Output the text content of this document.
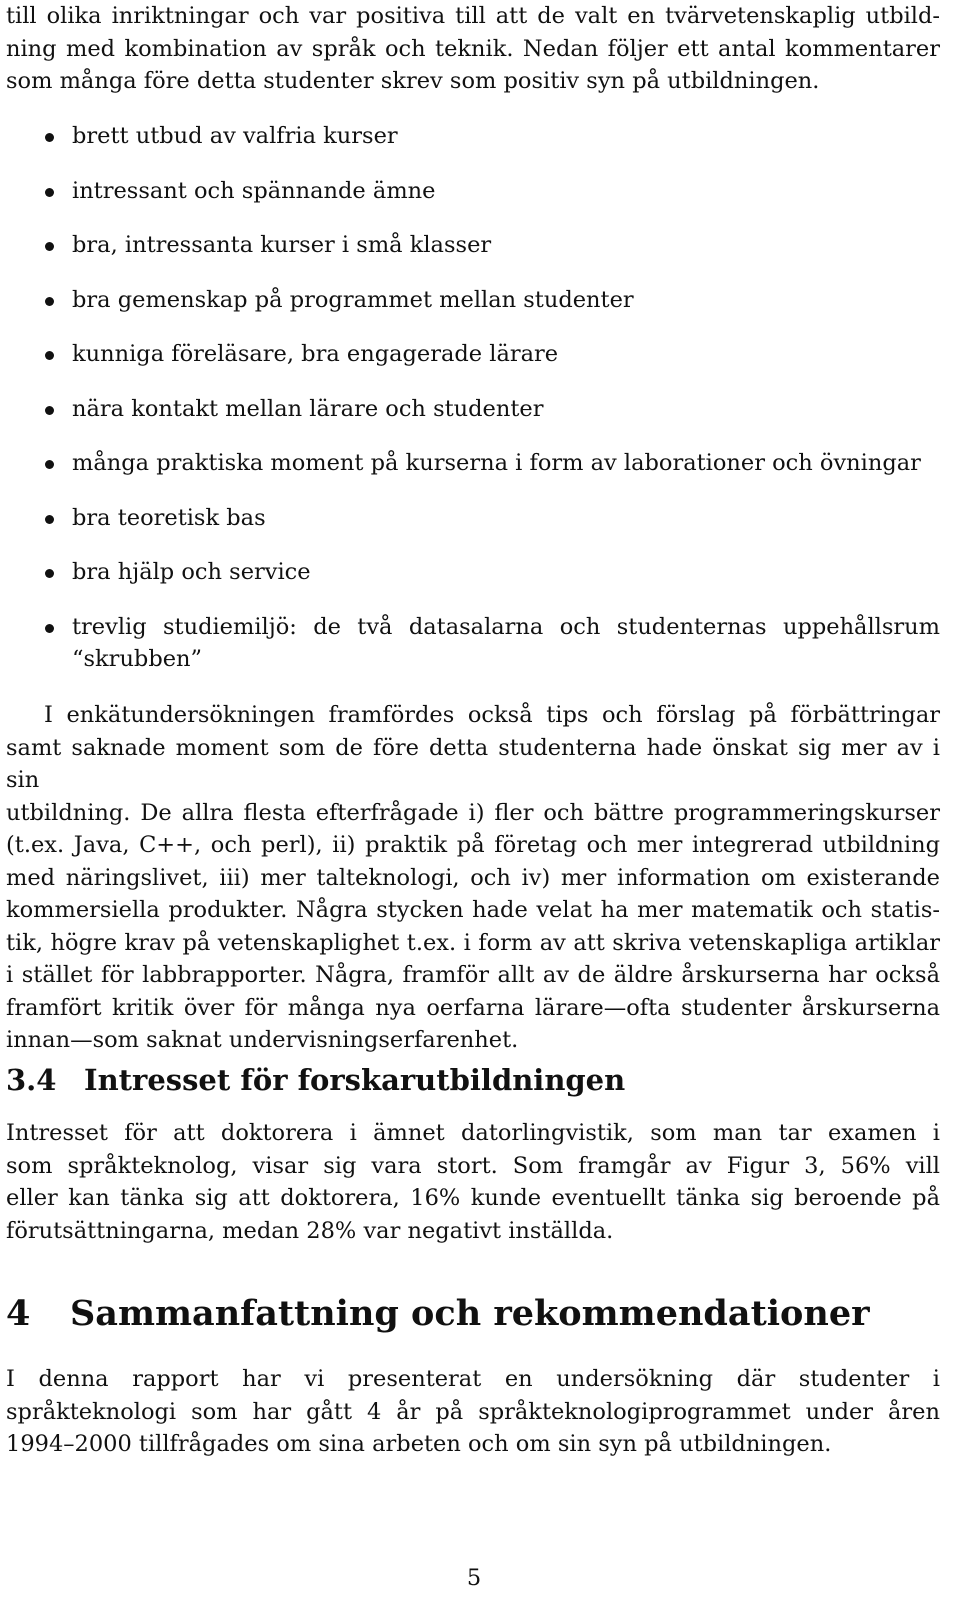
till olika inriktningar och var positiva till att de valt en tvärvetenskaplig utbild-
ning med kombination av språk och teknik. Nedan följer ett antal kommentarer
som många före detta studenter skrev som positiv syn på utbildningen.
brett utbud av valfria kurser
intressant och spännande ämne
bra, intressanta kurser i små klasser
bra gemenskap på programmet mellan studenter
kunniga föreläsare, bra engagerade lärare
nära kontakt mellan lärare och studenter
många praktiska moment på kurserna i form av laborationer och övningar
bra teoretisk bas
bra hjälp och service
trevlig studiemiljö: de två datasalarna och studenternas uppehållsrum
“skrubben”
I enkätundersökningen framfördes också tips och förslag på förbättringar
samt saknade moment som de före detta studenterna hade önskat sig mer av i sin
utbildning. De allra flesta efterfrågade i) fler och bättre programmeringskurser
(t.ex. Java, C++, och perl), ii) praktik på företag och mer integrerad utbildning
med näringslivet, iii) mer talteknologi, och iv) mer information om existerande
kommersiella produkter. Några stycken hade velat ha mer matematik och statis-
tik, högre krav på vetenskaplighet t.ex. i form av att skriva vetenskapliga artiklar
i stället för labbrapporter. Några, framför allt av de äldre årskurserna har också
framfört kritik över för många nya oerfarna lärare—ofta studenter årskurserna
innan—som saknat undervisningserfarenhet.
3.4 Intresset för forskarutbildningen
Intresset för att doktorera i ämnet datorlingvistik, som man tar examen i
som språkteknolog, visar sig vara stort. Som framgår av Figur 3, 56% vill
eller kan tänka sig att doktorera, 16% kunde eventuellt tänka sig beroende på
förutsättningarna, medan 28% var negativt inställda.
4 Sammanfattning och rekommendationer
I denna rapport har vi presenterat en undersökning där studenter i
språkteknologi som har gått 4 år på språkteknologiprogrammet under åren
1994–2000 tillfrågades om sina arbeten och om sin syn på utbildningen.
5
